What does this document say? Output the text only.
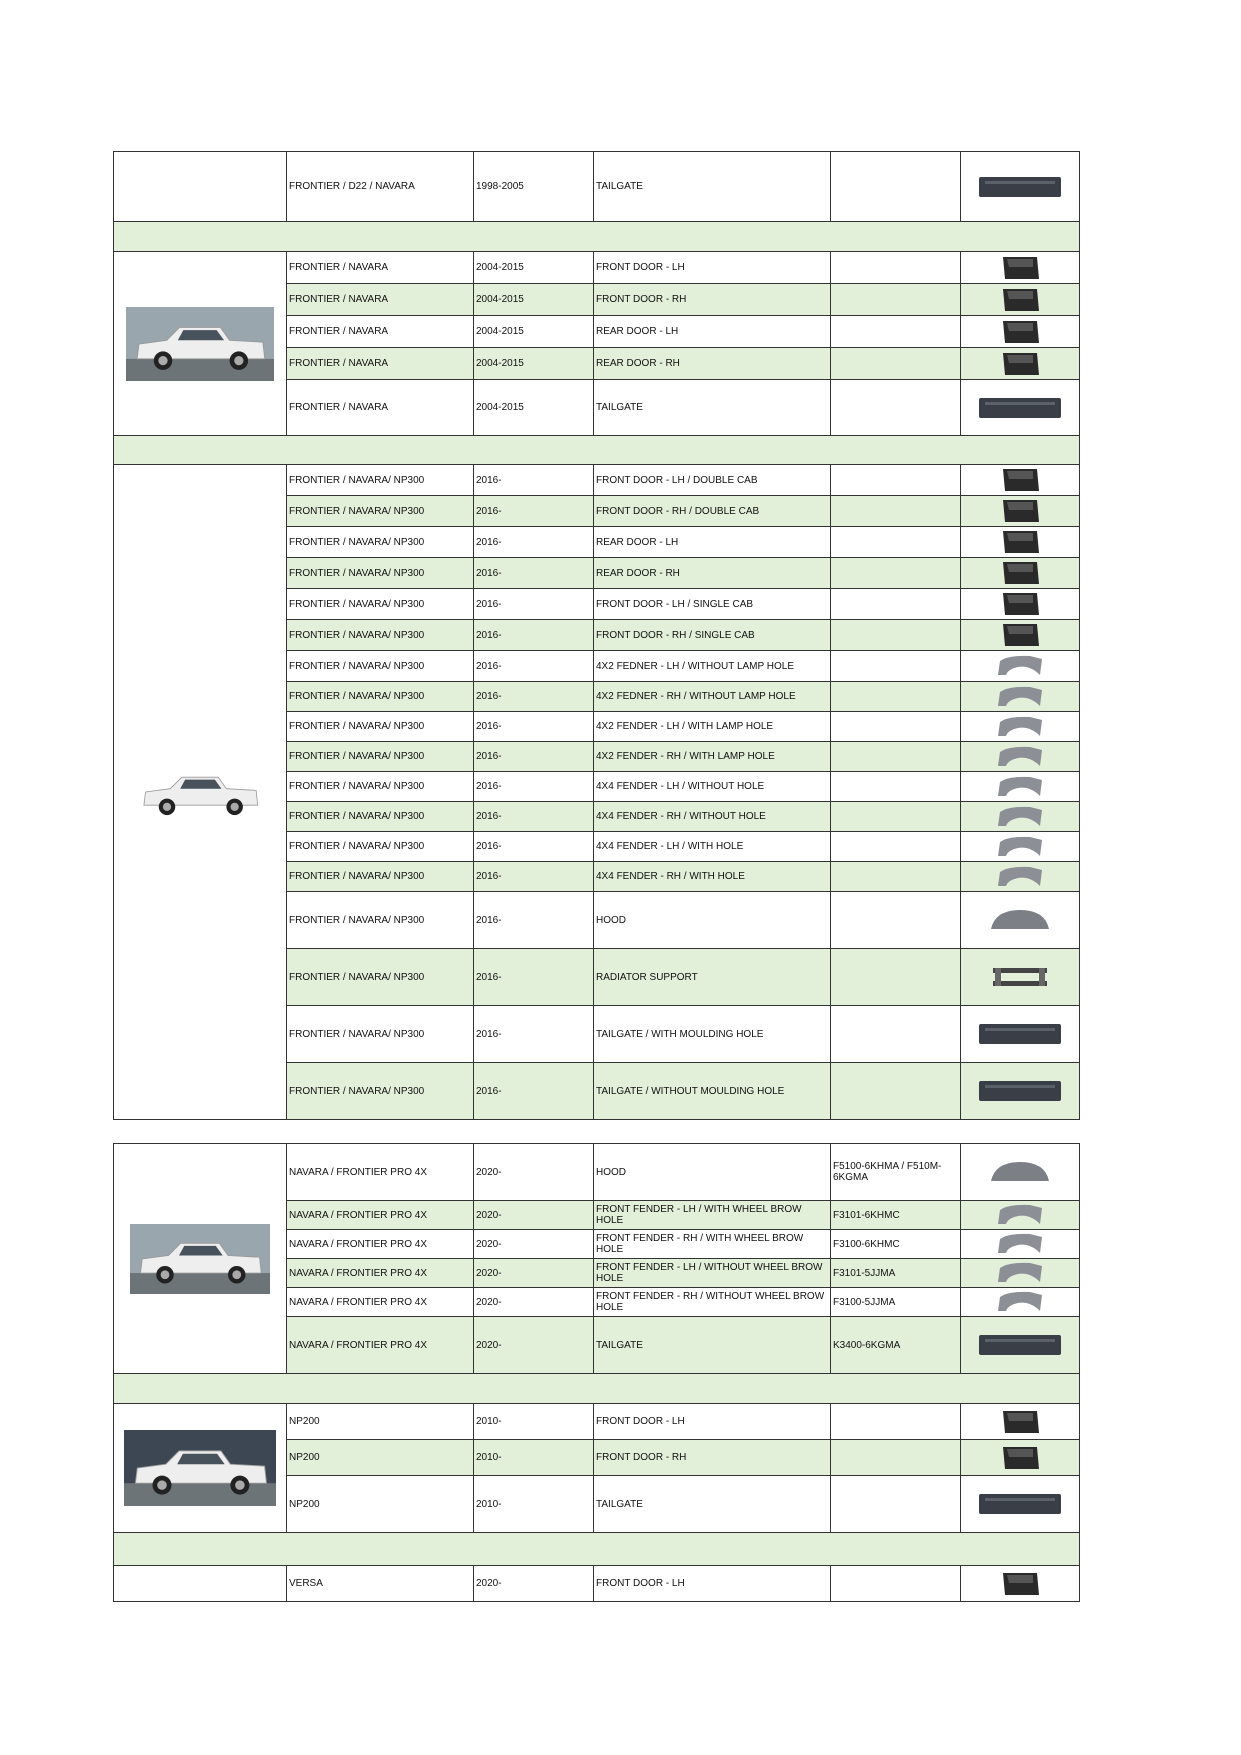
	FRONTIER / D22 / NAVARA	1998-2005	TAILGATE		

	FRONTIER / NAVARA	2004-2015	FRONT DOOR - LH		
	FRONTIER / NAVARA	2004-2015	FRONT DOOR - RH		
	FRONTIER / NAVARA	2004-2015	REAR DOOR - LH		
	FRONTIER / NAVARA	2004-2015	REAR DOOR - RH		
	FRONTIER / NAVARA	2004-2015	TAILGATE		

	FRONTIER / NAVARA/ NP300	2016-	FRONT DOOR - LH / DOUBLE CAB		
	FRONTIER / NAVARA/ NP300	2016-	FRONT DOOR - RH / DOUBLE CAB		
	FRONTIER / NAVARA/ NP300	2016-	REAR DOOR - LH		
	FRONTIER / NAVARA/ NP300	2016-	REAR DOOR - RH		
	FRONTIER / NAVARA/ NP300	2016-	FRONT DOOR - LH / SINGLE CAB		
	FRONTIER / NAVARA/ NP300	2016-	FRONT DOOR - RH / SINGLE CAB		
	FRONTIER / NAVARA/ NP300	2016-	4X2 FEDNER - LH / WITHOUT LAMP HOLE		
	FRONTIER / NAVARA/ NP300	2016-	4X2 FEDNER - RH / WITHOUT LAMP HOLE		
	FRONTIER / NAVARA/ NP300	2016-	4X2 FENDER - LH / WITH LAMP HOLE		
	FRONTIER / NAVARA/ NP300	2016-	4X2 FENDER - RH / WITH LAMP HOLE		
	FRONTIER / NAVARA/ NP300	2016-	4X4 FENDER - LH / WITHOUT HOLE		
	FRONTIER / NAVARA/ NP300	2016-	4X4 FENDER - RH / WITHOUT HOLE		
	FRONTIER / NAVARA/ NP300	2016-	4X4 FENDER - LH / WITH HOLE		
	FRONTIER / NAVARA/ NP300	2016-	4X4 FENDER - RH / WITH HOLE		
	FRONTIER / NAVARA/ NP300	2016-	HOOD		
	FRONTIER / NAVARA/ NP300	2016-	RADIATOR SUPPORT		
	FRONTIER / NAVARA/ NP300	2016-	TAILGATE / WITH MOULDING HOLE		
	FRONTIER / NAVARA/ NP300	2016-	TAILGATE / WITHOUT MOULDING HOLE		

	NAVARA / FRONTIER PRO 4X	2020-	HOOD	F5100-6KHMA / F510M-6KGMA	
	NAVARA / FRONTIER PRO 4X	2020-	FRONT FENDER - LH / WITH WHEEL BROW HOLE	F3101-6KHMC	
	NAVARA / FRONTIER PRO 4X	2020-	FRONT FENDER - RH / WITH WHEEL BROW HOLE	F3100-6KHMC	
	NAVARA / FRONTIER PRO 4X	2020-	FRONT FENDER - LH / WITHOUT WHEEL BROW HOLE	F3101-5JJMA	
	NAVARA / FRONTIER PRO 4X	2020-	FRONT FENDER - RH / WITHOUT WHEEL BROW HOLE	F3100-5JJMA	
	NAVARA / FRONTIER PRO 4X	2020-	TAILGATE	K3400-6KGMA	

	NP200	2010-	FRONT DOOR - LH		
	NP200	2010-	FRONT DOOR - RH		
	NP200	2010-	TAILGATE		

	VERSA	2020-	FRONT DOOR - LH		
